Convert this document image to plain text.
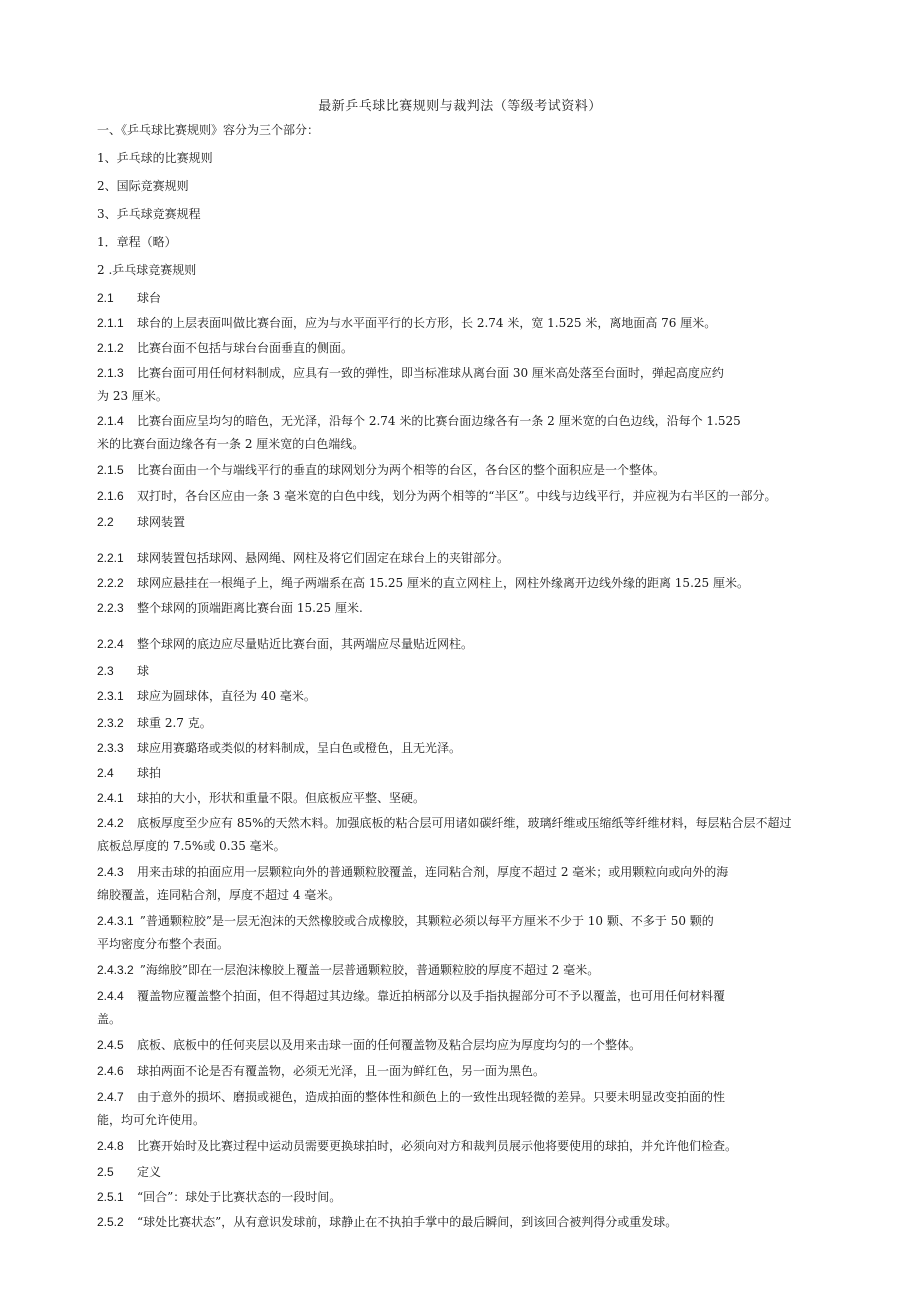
最新乒乓球比赛规则与裁判法（等级考试资料）
一、《乒乓球比赛规则》容分为三个部分：
1、乒乓球的比赛规则
2、国际竞赛规则
3、乒乓球竞赛规程
1．章程（略）
2 .乒乓球竞赛规则
2.1 球台
2.1.1 球台的上层表面叫做比赛台面，应为与水平面平行的长方形，长 2.74 米，宽 1.525 米，离地面高 76 厘米。
2.1.2 比赛台面不包括与球台台面垂直的侧面。
2.1.3 比赛台面可用任何材料制成，应具有一致的弹性，即当标准球从离台面 30 厘米高处落至台面时，弹起高度应约
为 23 厘米。
2.1.4 比赛台面应呈均匀的暗色，无光泽，沿每个 2.74 米的比赛台面边缘各有一条 2 厘米宽的白色边线，沿每个 1.525
米的比赛台面边缘各有一条 2 厘米宽的白色端线。
2.1.5 比赛台面由一个与端线平行的垂直的球网划分为两个相等的台区，各台区的整个面积应是一个整体。
2.1.6 双打时，各台区应由一条 3 毫米宽的白色中线，划分为两个相等的“半区”。中线与边线平行，并应视为右半区的一部分。
2.2 球网装置
2.2.1 球网装置包括球网、悬网绳、网柱及将它们固定在球台上的夹钳部分。
2.2.2 球网应悬挂在一根绳子上，绳子两端系在高 15.25 厘米的直立网柱上，网柱外缘离开边线外缘的距离 15.25 厘米。
2.2.3 整个球网的顶端距离比赛台面 15.25 厘米.
2.2.4 整个球网的底边应尽量贴近比赛台面，其两端应尽量贴近网柱。
2.3 球
2.3.1 球应为圆球体，直径为 40 毫米。
2.3.2 球重 2.7 克。
2.3.3 球应用赛璐珞或类似的材料制成，呈白色或橙色，且无光泽。
2.4 球拍
2.4.1 球拍的大小，形状和重量不限。但底板应平整、坚硬。
2.4.2 底板厚度至少应有 85%的天然木料。加强底板的粘合层可用诸如碳纤维，玻璃纤维或压缩纸等纤维材料，每层粘合层不超过
底板总厚度的 7.5%或 0.35 毫米。
2.4.3 用来击球的拍面应用一层颗粒向外的普通颗粒胶覆盖，连同粘合剂，厚度不超过 2 毫米；或用颗粒向或向外的海
绵胶覆盖，连同粘合剂，厚度不超过 4 毫米。
2.4.3.1 ”普通颗粒胶”是一层无泡沫的天然橡胶或合成橡胶，其颗粒必须以每平方厘米不少于 10 颗、不多于 50 颗的
平均密度分布整个表面。
2.4.3.2 ”海绵胶”即在一层泡沫橡胶上覆盖一层普通颗粒胶，普通颗粒胶的厚度不超过 2 毫米。
2.4.4 覆盖物应覆盖整个拍面，但不得超过其边缘。靠近拍柄部分以及手指执握部分可不予以覆盖，也可用任何材料覆
盖。
2.4.5 底板、底板中的任何夹层以及用来击球一面的任何覆盖物及粘合层均应为厚度均匀的一个整体。
2.4.6 球拍两面不论是否有覆盖物，必须无光泽，且一面为鲜红色，另一面为黑色。
2.4.7 由于意外的损坏、磨损或褪色，造成拍面的整体性和颜色上的一致性出现轻微的差异。只要未明显改变拍面的性
能，均可允许使用。
2.4.8 比赛开始时及比赛过程中运动员需要更换球拍时，必须向对方和裁判员展示他将要使用的球拍，并允许他们检查。
2.5 定义
2.5.1 “回合”：球处于比赛状态的一段时间。
2.5.2 “球处比赛状态”，从有意识发球前，球静止在不执拍手掌中的最后瞬间，到该回合被判得分或重发球。
